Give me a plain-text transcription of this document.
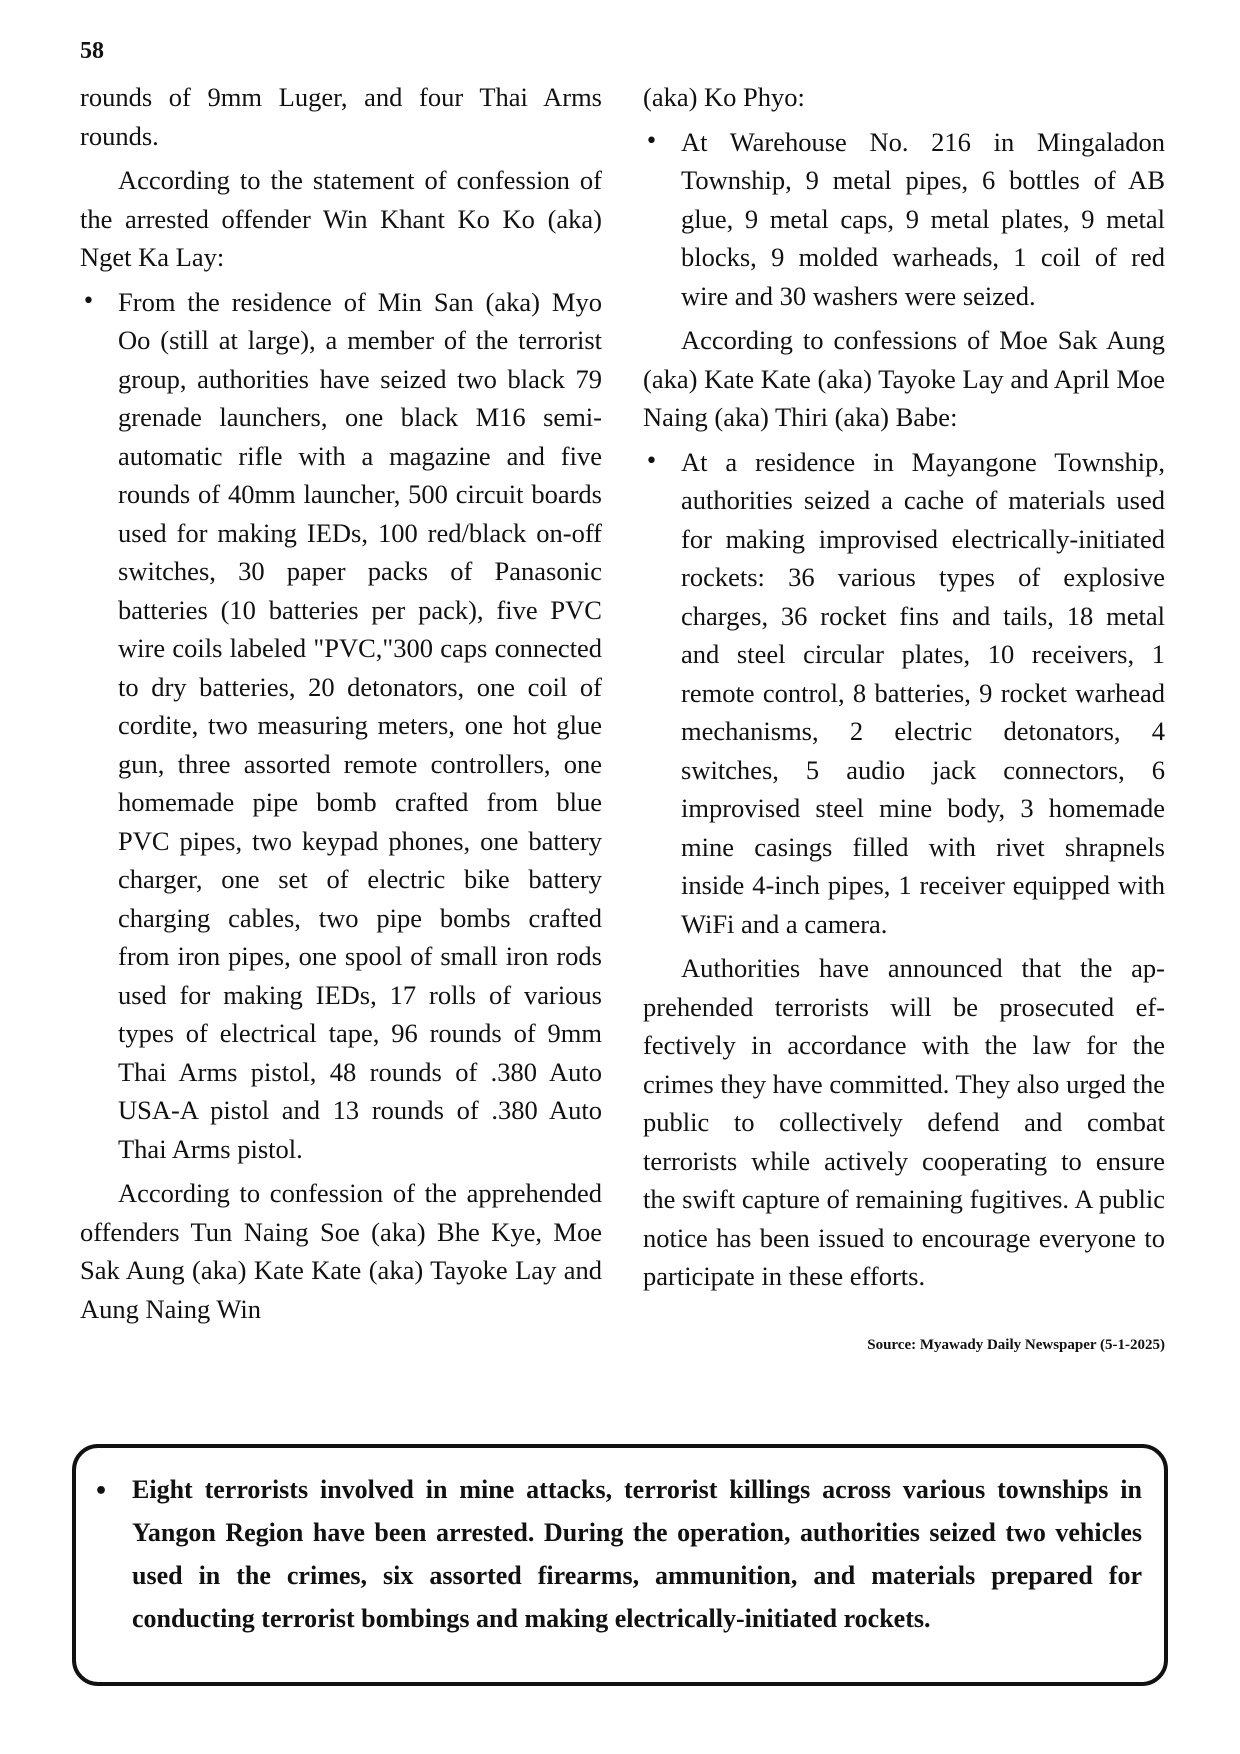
58

rounds of 9mm Luger, and four Thai Arms rounds.

According to the statement of confession of the arrested offender Win Khant Ko Ko (aka) Nget Ka Lay:

• From the residence of Min San (aka) Myo Oo (still at large), a member of the terrorist group, authorities have seized two black 79 grenade launchers, one black M16 semi-automatic rifle with a magazine and five rounds of 40mm launcher, 500 circuit boards used for making IEDs, 100 red/black on-off switches, 30 paper packs of Panasonic batteries (10 batteries per pack), five PVC wire coils labeled "PVC,"300 caps connected to dry batteries, 20 detonators, one coil of cordite, two measuring meters, one hot glue gun, three assorted remote controllers, one homemade pipe bomb crafted from blue PVC pipes, two keypad phones, one battery charger, one set of electric bike battery charging cables, two pipe bombs crafted from iron pipes, one spool of small iron rods used for making IEDs, 17 rolls of various types of electrical tape, 96 rounds of 9mm Thai Arms pistol, 48 rounds of .380 Auto USA-A pistol and 13 rounds of .380 Auto Thai Arms pistol.

According to confession of the apprehended offenders Tun Naing Soe (aka) Bhe Kye, Moe Sak Aung (aka) Kate Kate (aka) Tayoke Lay and Aung Naing Win

(aka) Ko Phyo:

• At Warehouse No. 216 in Mingaladon Township, 9 metal pipes, 6 bottles of AB glue, 9 metal caps, 9 metal plates, 9 metal blocks, 9 molded warheads, 1 coil of red wire and 30 washers were seized.

According to confessions of Moe Sak Aung (aka) Kate Kate (aka) Tayoke Lay and April Moe Naing (aka) Thiri (aka) Babe:

• At a residence in Mayangone Township, authorities seized a cache of materials used for making improvised electrically-initiated rockets: 36 various types of explosive charges, 36 rocket fins and tails, 18 metal and steel circular plates, 10 receivers, 1 remote control, 8 batteries, 9 rocket warhead mechanisms, 2 electric detonators, 4 switches, 5 audio jack connectors, 6 improvised steel mine body, 3 homemade mine casings filled with rivet shrapnels inside 4-inch pipes, 1 receiver equipped with WiFi and a camera.

Authorities have announced that the apprehended terrorists will be prosecuted effectively in accordance with the law for the crimes they have committed. They also urged the public to collectively defend and combat terrorists while actively cooperating to ensure the swift capture of remaining fugitives. A public notice has been issued to encourage everyone to participate in these efforts.

Source: Myawady Daily Newspaper (5-1-2025)
• Eight terrorists involved in mine attacks, terrorist killings across various townships in Yangon Region have been arrested. During the operation, authorities seized two vehicles used in the crimes, six assorted firearms, ammunition, and materials prepared for conducting terrorist bombings and making electrically-initiated rockets.
